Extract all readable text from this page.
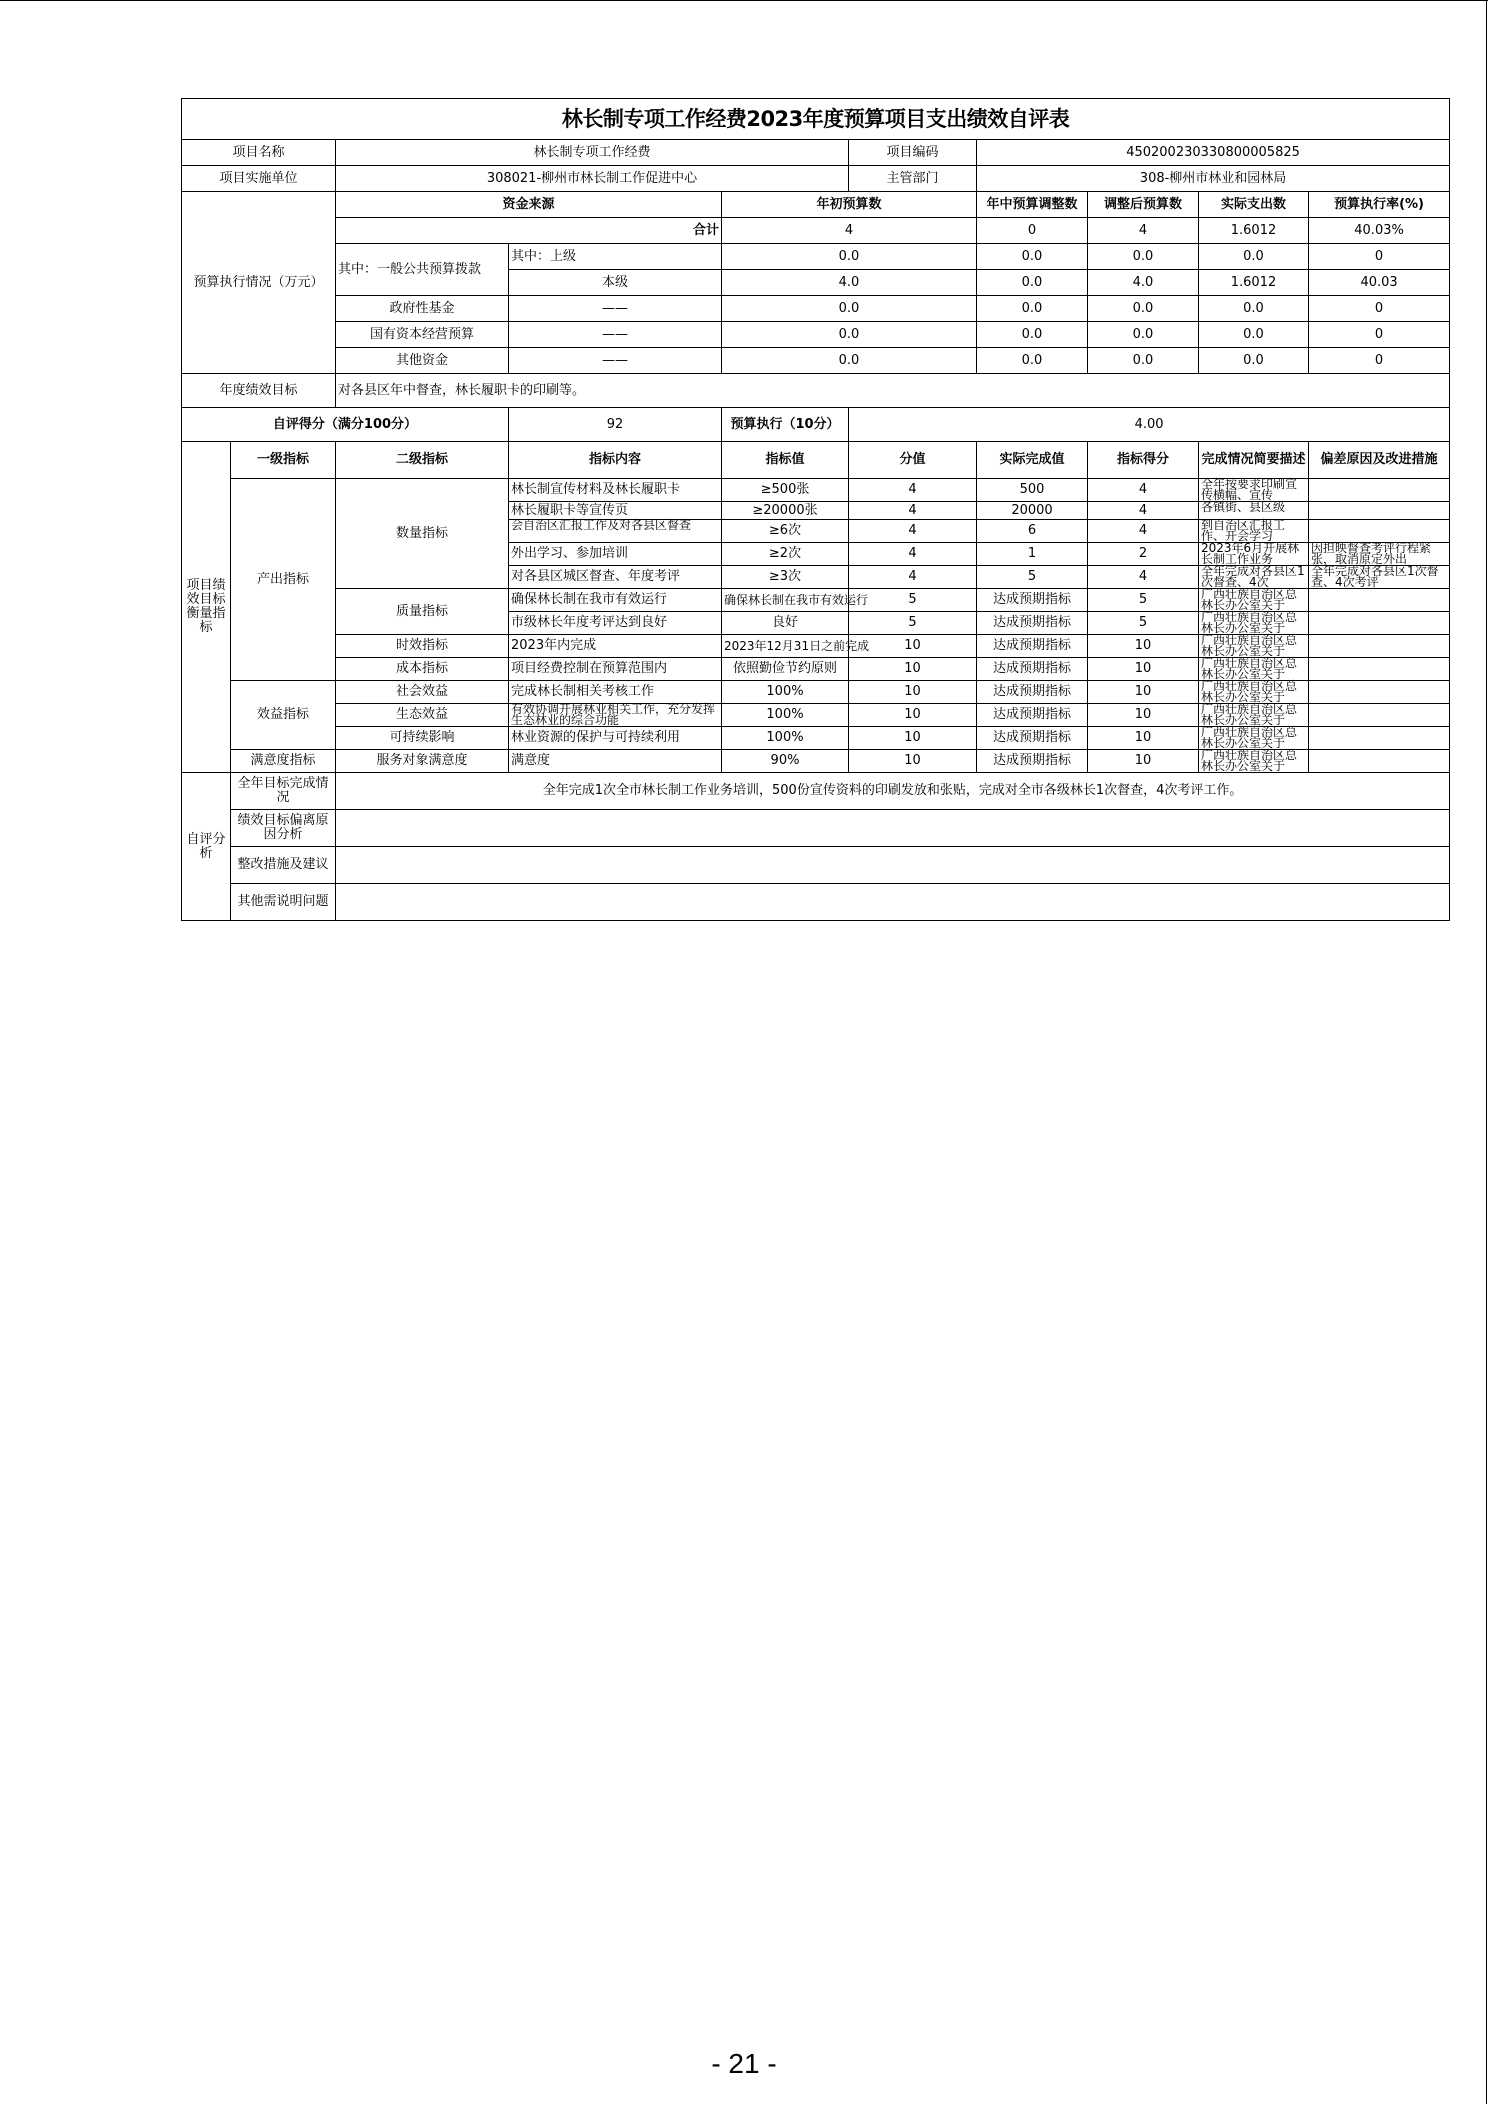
林长制专项工作经费2023年度预算项目支出绩效自评表									
项目名称		林长制专项工作经费			项目编码	450200230330800005825			
项目实施单位		308021-柳州市林长制工作促进中心			主管部门	308-柳州市林业和园林局			
预算执行情况（万元）		资金来源		年初预算数		年中预算调整数	调整后预算数	实际支出数	预算执行率(%)
		合计		4		0	4	1.6012	40.03%
		其中：一般公共预算拨款	其中：上级	0.0		0.0	0.0	0.0	0
			本级	4.0		0.0	4.0	1.6012	40.03
		政府性基金	——	0.0		0.0	0.0	0.0	0
		国有资本经营预算	——	0.0		0.0	0.0	0.0	0
		其他资金	——	0.0		0.0	0.0	0.0	0
年度绩效目标		对各县区年中督查，林长履职卡的印刷等。							
自评得分（满分100分）			92	预算执行（10分）	4.00				
项目绩效目标衡量指标	一级指标	二级指标	指标内容	指标值	分值	实际完成值	指标得分	完成情况简要描述	偏差原因及改进措施
	产出指标	数量指标	林长制宣传材料及林长履职卡	≥500张	4	500	4	全年按要求印刷宣传横幅、宣传	
			林长履职卡等宣传页	≥20000张	4	20000	4	各镇街、县区级	
			会自治区汇报工作及对各县区督查	≥6次	4	6	4	到自治区汇报工作、开会学习	
			外出学习、参加培训	≥2次	4	1	2	2023年6月开展林长制工作业务	因担映督查考评行程紧张，取消原定外出
			对各县区城区督查、年度考评	≥3次	4	5	4	全年完成对各县区1次督查、4次	全年完成对各县区1次督查、4次考评
		质量指标	确保林长制在我市有效运行	确保林长制在我市有效运行	5	达成预期指标	5	广西壮族自治区总林长办公室关于	
			市级林长年度考评达到良好	良好	5	达成预期指标	5	广西壮族自治区总林长办公室关于	
		时效指标	2023年内完成	2023年12月31日之前完成	10	达成预期指标	10	广西壮族自治区总林长办公室关于	
		成本指标	项目经费控制在预算范围内	依照勤俭节约原则	10	达成预期指标	10	广西壮族自治区总林长办公室关于	
	效益指标	社会效益	完成林长制相关考核工作	100%	10	达成预期指标	10	广西壮族自治区总林长办公室关于	
		生态效益	有效协调开展林业相关工作，充分发挥生态林业的综合功能	100%	10	达成预期指标	10	广西壮族自治区总林长办公室关于	
		可持续影响	林业资源的保护与可持续利用	100%	10	达成预期指标	10	广西壮族自治区总林长办公室关于	
	满意度指标	服务对象满意度	满意度	90%	10	达成预期指标	10	广西壮族自治区总林长办公室关于	
自评分析	全年目标完成情况	全年完成1次全市林长制工作业务培训，500份宣传资料的印刷发放和张贴，完成对全市各级林长1次督查，4次考评工作。							
	绩效目标偏离原因分析								
	整改措施及建议								
	其他需说明问题								
- 21 -
